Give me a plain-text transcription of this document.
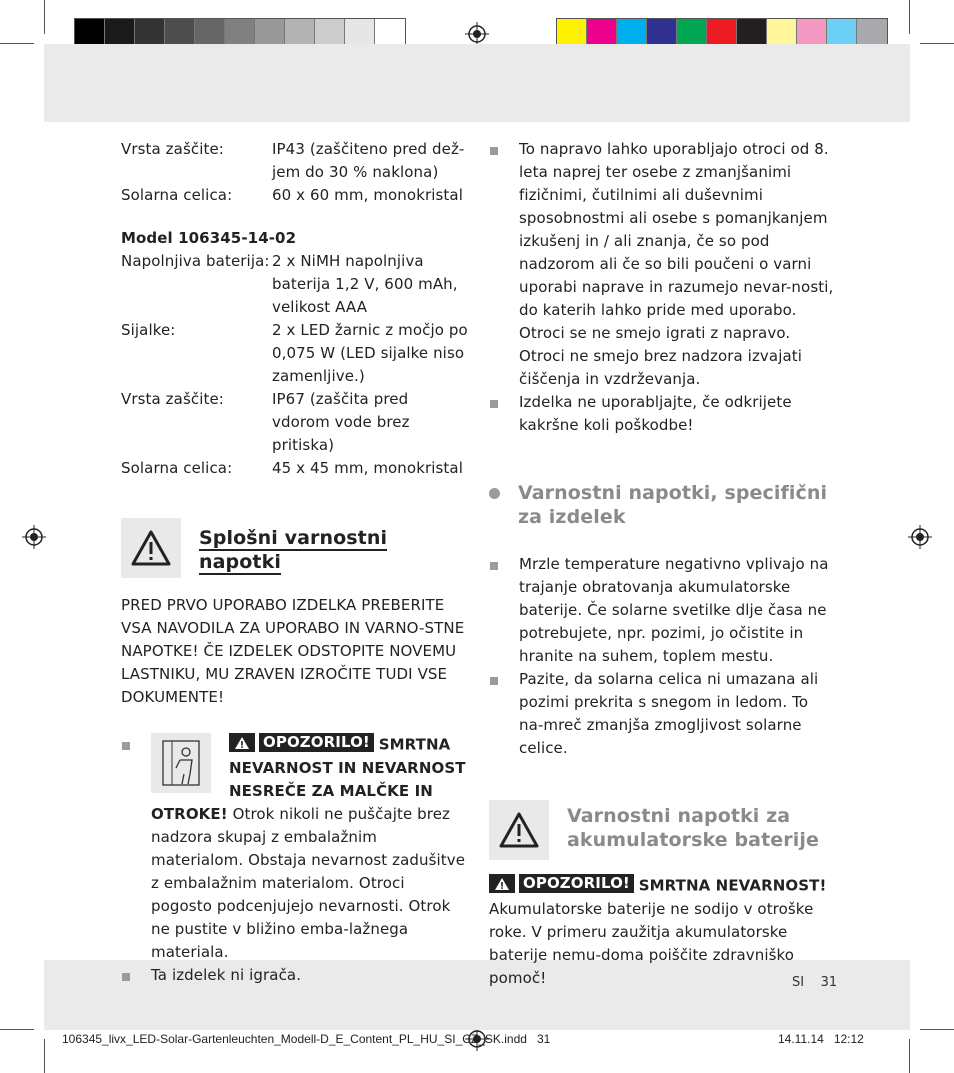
Vrsta zaščite:	IP43 (zaščiteno pred dež-jem do 30 % naklona)
Solarna celica:	60 x 60 mm, monokristal
Model 106345-14-02
Napolnjiva baterija: 2 x NiMH napolnjiva baterija 1,2 V, 600 mAh, velikost AAA
Sijalke:	2 x LED žarnic z močjo po 0,075 W (LED sijalke niso zamenljive.)
Vrsta zaščite:	IP67 (zaščita pred vdorom vode brez pritiska)
Solarna celica:	45 x 45 mm, monokristal
Splošni varnostni napotki
PRED PRVO UPORABO IZDELKA PREBERITE VSA NAVODILA ZA UPORABO IN VARNO-STNE NAPOTKE! ČE IZDELEK ODSTOPITE NOVEMU LASTNIKU, MU ZRAVEN IZROČITE TUDI VSE DOKUMENTE!
OPOZORILO! SMRTNA NEVARNOST IN NEVARNOST NESREČE ZA MALČKE IN OTROKE! Otrok nikoli ne puščajte brez nadzora skupaj z embalažnim materialom. Obstaja nevarnost zadušitve z embalažnim materialom. Otroci pogosto podcenjujejo nevarnosti. Otrok ne pustite v bližino emba-lažnega materiala.
Ta izdelek ni igrača.
To napravo lahko uporabljajo otroci od 8. leta naprej ter osebe z zmanjšanimi fizičnimi, čutilnimi ali duševnimi sposobnostmi ali osebe s pomanjkanjem izkušenj in / ali znanja, če so pod nadzorom ali če so bili poučeni o varni uporabi naprave in razumejo nevar-nosti, do katerih lahko pride med uporabo. Otroci se ne smejo igrati z napravo. Otroci ne smejo brez nadzora izvajati čiščenja in vzdrževanja.
Izdelka ne uporabljajte, če odkrijete kakršne koli poškodbe!
Varnostni napotki, specifični za izdelek
Mrzle temperature negativno vplivajo na trajanje obratovanja akumulatorske baterije. Če solarne svetilke dlje časa ne potrebujete, npr. pozimi, jo očistite in hranite na suhem, toplem mestu.
Pazite, da solarna celica ni umazana ali pozimi prekrita s snegom in ledom. To na-mreč zmanjša zmogljivost solarne celice.
Varnostni napotki za akumulatorske baterije
OPOZORILO! SMRTNA NEVARNOST! Akumulatorske baterije ne sodijo v otroške roke. V primeru zaužitja akumulatorske baterije nemu-doma poiščite zdravniško pomoč!	SI    31
106345_livx_LED-Solar-Gartenleuchten_Modell-D_E_Content_PL_HU_SI_CZ_SK.indd   31	14.11.14   12:12
